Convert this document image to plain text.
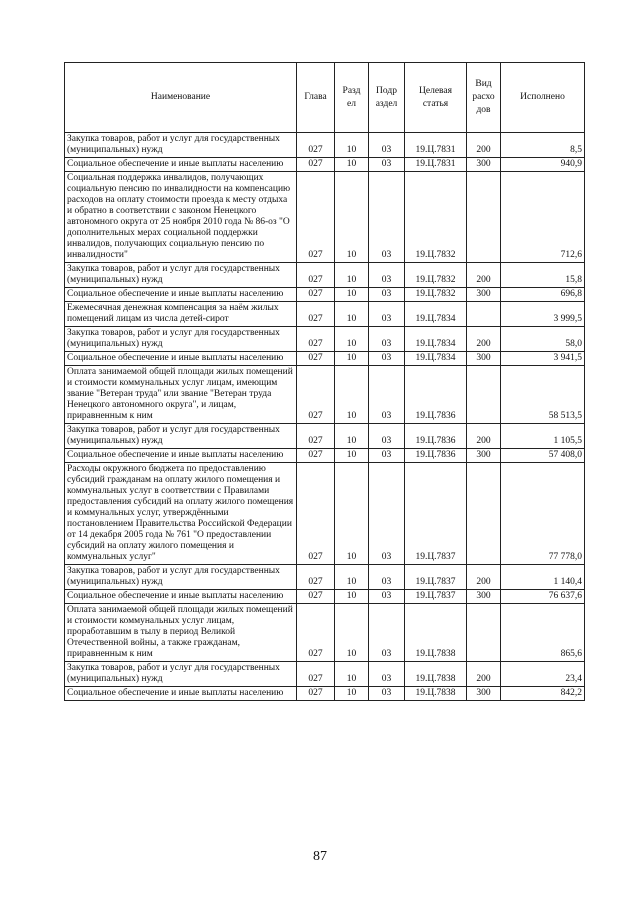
Наименование	Глава	Разд ел	Подр аздел	Целевая статья	Вид расхо дов	Исполнено
Закупка товаров, работ и услуг для государственных (муниципальных) нужд	027	10	03	19.Ц.7831	200	8,5
Социальное обеспечение и иные выплаты населению	027	10	03	19.Ц.7831	300	940,9
Социальная поддержка инвалидов, получающих социальную пенсию по инвалидности на компенсацию расходов на оплату стоимости проезда к месту отдыха и обратно в соответствии с законом Ненецкого автономного округа от 25 ноября 2010 года № 86-оз "О дополнительных мерах социальной поддержки инвалидов, получающих социальную пенсию по инвалидности"	027	10	03	19.Ц.7832		712,6
Закупка товаров, работ и услуг для государственных (муниципальных) нужд	027	10	03	19.Ц.7832	200	15,8
Социальное обеспечение и иные выплаты населению	027	10	03	19.Ц.7832	300	696,8
Ежемесячная денежная компенсация за наём жилых помещений лицам из числа детей-сирот	027	10	03	19.Ц.7834		3 999,5
Закупка товаров, работ и услуг для государственных (муниципальных) нужд	027	10	03	19.Ц.7834	200	58,0
Социальное обеспечение и иные выплаты населению	027	10	03	19.Ц.7834	300	3 941,5
Оплата занимаемой общей площади жилых помещений и стоимости коммунальных услуг лицам, имеющим звание "Ветеран труда" или звание "Ветеран труда Ненецкого автономного округа", и лицам, приравненным к ним	027	10	03	19.Ц.7836		58 513,5
Закупка товаров, работ и услуг для государственных (муниципальных) нужд	027	10	03	19.Ц.7836	200	1 105,5
Социальное обеспечение и иные выплаты населению	027	10	03	19.Ц.7836	300	57 408,0
Расходы окружного бюджета по предоставлению субсидий гражданам на оплату жилого помещения и коммунальных услуг в соответствии с Правилами предоставления субсидий на оплату жилого помещения и коммунальных услуг, утверждёнными постановлением Правительства Российской Федерации от 14 декабря 2005 года № 761 "О предоставлении субсидий на оплату жилого помещения и коммунальных услуг"	027	10	03	19.Ц.7837		77 778,0
Закупка товаров, работ и услуг для государственных (муниципальных) нужд	027	10	03	19.Ц.7837	200	1 140,4
Социальное обеспечение и иные выплаты населению	027	10	03	19.Ц.7837	300	76 637,6
Оплата занимаемой общей площади жилых помещений и стоимости коммунальных услуг лицам, проработавшим в тылу в период Великой Отечественной войны, а также гражданам, приравненным к ним	027	10	03	19.Ц.7838		865,6
Закупка товаров, работ и услуг для государственных (муниципальных) нужд	027	10	03	19.Ц.7838	200	23,4
Социальное обеспечение и иные выплаты населению	027	10	03	19.Ц.7838	300	842,2
87
